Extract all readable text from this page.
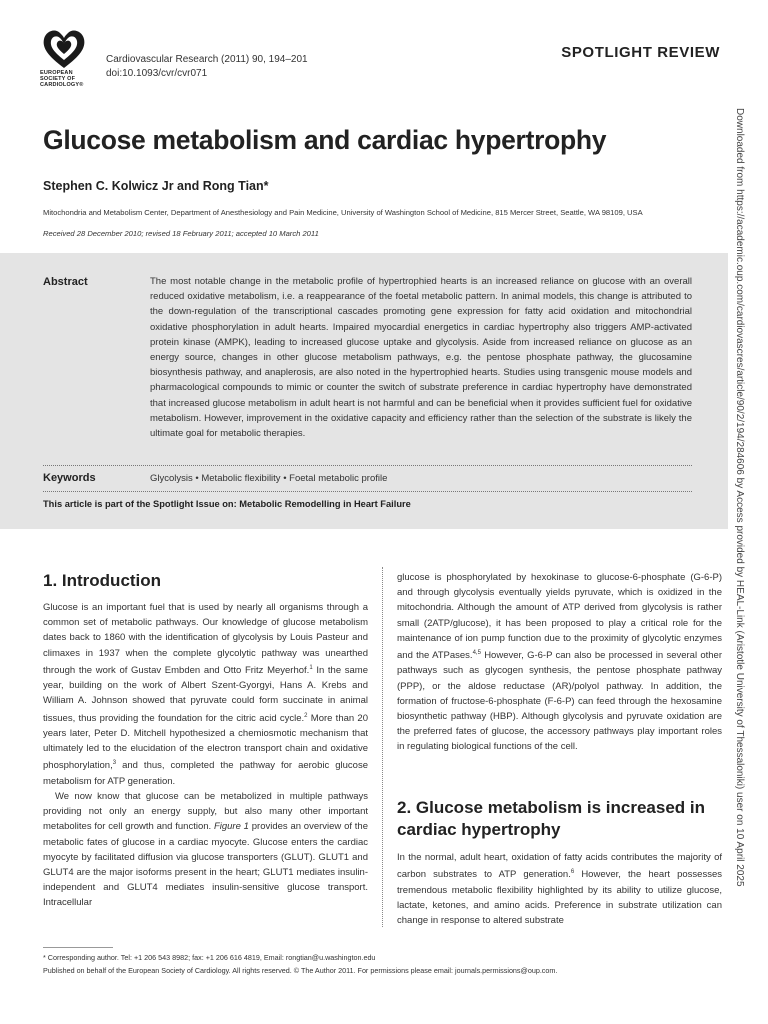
EUROPEAN
SOCIETY OF
CARDIOLOGY®
Cardiovascular Research (2011) 90, 194–201
doi:10.1093/cvr/cvr071
SPOTLIGHT REVIEW
Glucose metabolism and cardiac hypertrophy
Stephen C. Kolwicz Jr and Rong Tian*
Mitochondria and Metabolism Center, Department of Anesthesiology and Pain Medicine, University of Washington School of Medicine, 815 Mercer Street, Seattle, WA 98109, USA
Received 28 December 2010; revised 18 February 2011; accepted 10 March 2011
Abstract	The most notable change in the metabolic profile of hypertrophied hearts is an increased reliance on glucose with an overall reduced oxidative metabolism, i.e. a reappearance of the foetal metabolic pattern. In animal models, this change is attributed to the down-regulation of the transcriptional cascades promoting gene expression for fatty acid oxidation and mitochondrial oxidative phosphorylation in adult hearts. Impaired myocardial energetics in cardiac hypertrophy also triggers AMP-activated protein kinase (AMPK), leading to increased glucose uptake and glycolysis. Aside from increased reliance on glucose as an energy source, changes in other glucose metabolism pathways, e.g. the pentose phosphate pathway, the glucosamine biosynthesis pathway, and anaplerosis, are also noted in the hypertrophied hearts. Studies using transgenic mouse models and pharmacological compounds to mimic or counter the switch of substrate preference in cardiac hypertrophy have demonstrated that increased glucose metabolism in adult heart is not harmful and can be beneficial when it provides sufficient fuel for oxidative metabolism. However, improvement in the oxidative capacity and efficiency rather than the selection of the substrate is likely the ultimate goal for metabolic therapies.
Keywords	Glycolysis • Metabolic flexibility • Foetal metabolic profile
This article is part of the Spotlight Issue on: Metabolic Remodelling in Heart Failure
1. Introduction

Glucose is an important fuel that is used by nearly all organisms through a common set of metabolic pathways. Our knowledge of glucose metabolism dates back to 1860 with the identification of glycolysis by Louis Pasteur and climaxes in 1937 when the complete glycolytic pathway was unearthed through the work of Gustav Embden and Otto Fritz Meyerhof.$^1$ In the same year, building on the work of Albert Szent-Gyorgyi, Hans A. Krebs and William A. Johnson showed that pyruvate could form succinate in animal tissues, thus providing the foundation for the citric acid cycle.$^2$ More than 20 years later, Peter D. Mitchell hypothesized a chemiosmotic mechanism that ultimately led to the elucidation of the electron transport chain and oxidative phosphorylation,$^3$ and thus, completed the pathway for aerobic glucose metabolism for ATP generation.

We now know that glucose can be metabolized in multiple pathways providing not only an energy supply, but also many other important metabolites for cell growth and function. Figure 1 provides an overview of the metabolic fates of glucose in a cardiac myocyte. Glucose enters the cardiac myocyte by facilitated diffusion via glucose transporters (GLUT). GLUT1 and GLUT4 are the major isoforms present in the heart; GLUT1 mediates insulin-independent and GLUT4 mediates insulin-sensitive glucose transport. Intracellular

glucose is phosphorylated by hexokinase to glucose-6-phosphate (G-6-P) and through glycolysis eventually yields pyruvate, which is oxidized in the mitochondria. Although the amount of ATP derived from glycolysis is rather small (2ATP/glucose), it has been proposed to play a critical role for the maintenance of ion pump function due to the proximity of glycolytic enzymes and the ATPases.$^{4,5}$ However, G-6-P can also be processed in several other pathways such as glycogen synthesis, the pentose phosphate pathway (PPP), or the aldose reductase (AR)/polyol pathway. In addition, the formation of fructose-6-phosphate (F-6-P) can feed through the hexosamine biosynthetic pathway (HBP). Although glycolysis and pyruvate oxidation are the preferred fates of glucose, the accessory pathways play important roles in regulating biological functions of the cell.

2. Glucose metabolism is increased in cardiac hypertrophy

In the normal, adult heart, oxidation of fatty acids contributes the majority of carbon substrates to ATP generation.$^6$ However, the heart possesses tremendous metabolic flexibility highlighted by its ability to utilize glucose, lactate, ketones, and amino acids. Preference in substrate utilization can change in response to altered substrate

* Corresponding author. Tel: +1 206 543 8982; fax: +1 206 616 4819, Email: rongtian@u.washington.edu
Published on behalf of the European Society of Cardiology. All rights reserved. © The Author 2011. For permissions please email: journals.permissions@oup.com.
Downloaded from https://academic.oup.com/cardiovascres/article/90/2/194/284606 by Access provided by HEAL-Link (Aristotle University of Thessaloniki) user on 10 April 2025
